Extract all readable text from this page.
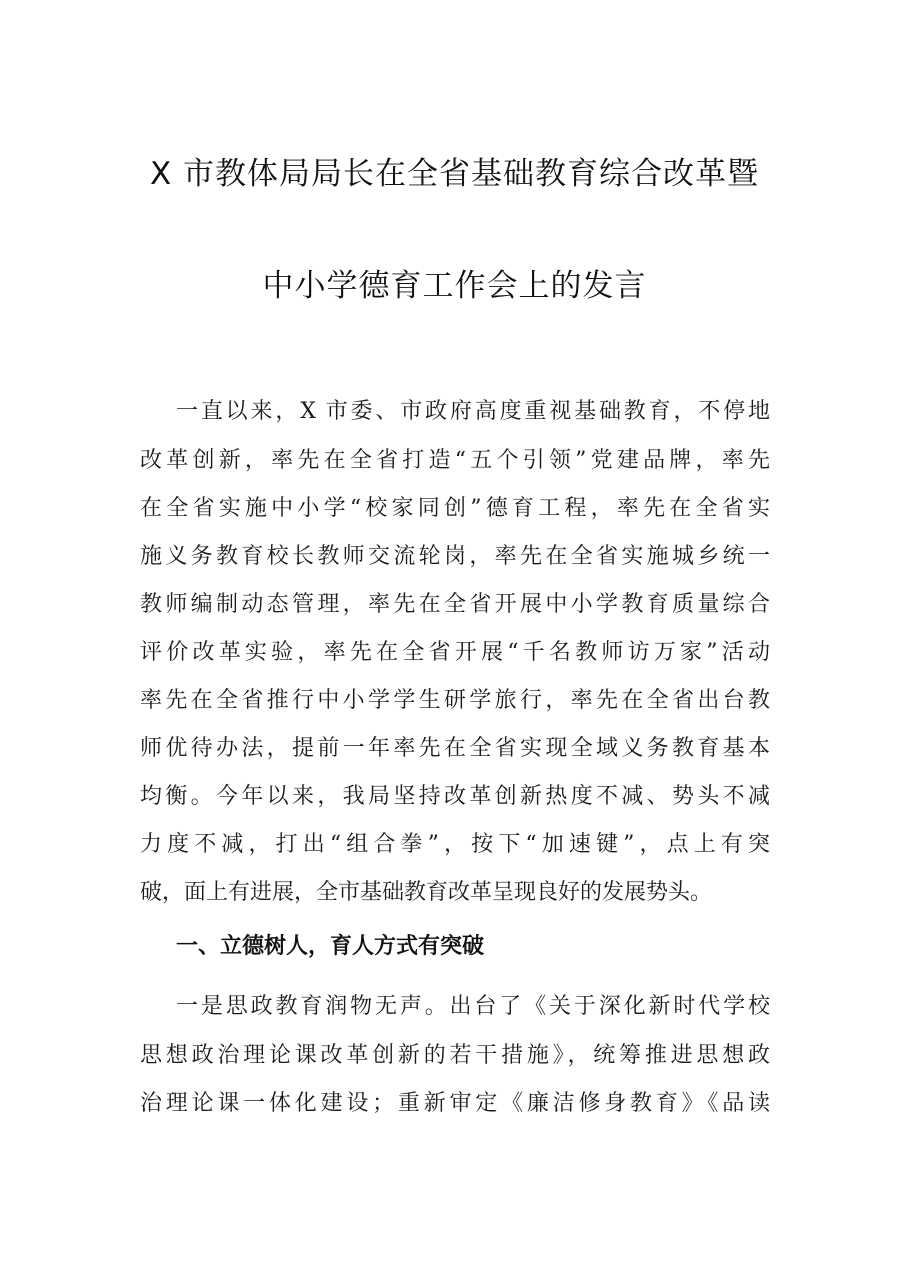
X 市教体局局长在全省基础教育综合改革暨
中小学德育工作会上的发言
一直以来，X 市委、市政府高度重视基础教育，不停地
改革创新，率先在全省打造“五个引领”党建品牌，率先
在全省实施中小学“校家同创”德育工程，率先在全省实
施义务教育校长教师交流轮岗，率先在全省实施城乡统一
教师编制动态管理，率先在全省开展中小学教育质量综合
评价改革实验，率先在全省开展“千名教师访万家”活动
率先在全省推行中小学学生研学旅行，率先在全省出台教
师优待办法，提前一年率先在全省实现全域义务教育基本
均衡。今年以来，我局坚持改革创新热度不减、势头不减
力度不减，打出“组合拳”，按下“加速键”，点上有突
破，面上有进展，全市基础教育改革呈现良好的发展势头。
一、立德树人，育人方式有突破
一是思政教育润物无声。出台了《关于深化新时代学校
思想政治理论课改革创新的若干措施》，统筹推进思想政
治理论课一体化建设；重新审定《廉洁修身教育》《品读
